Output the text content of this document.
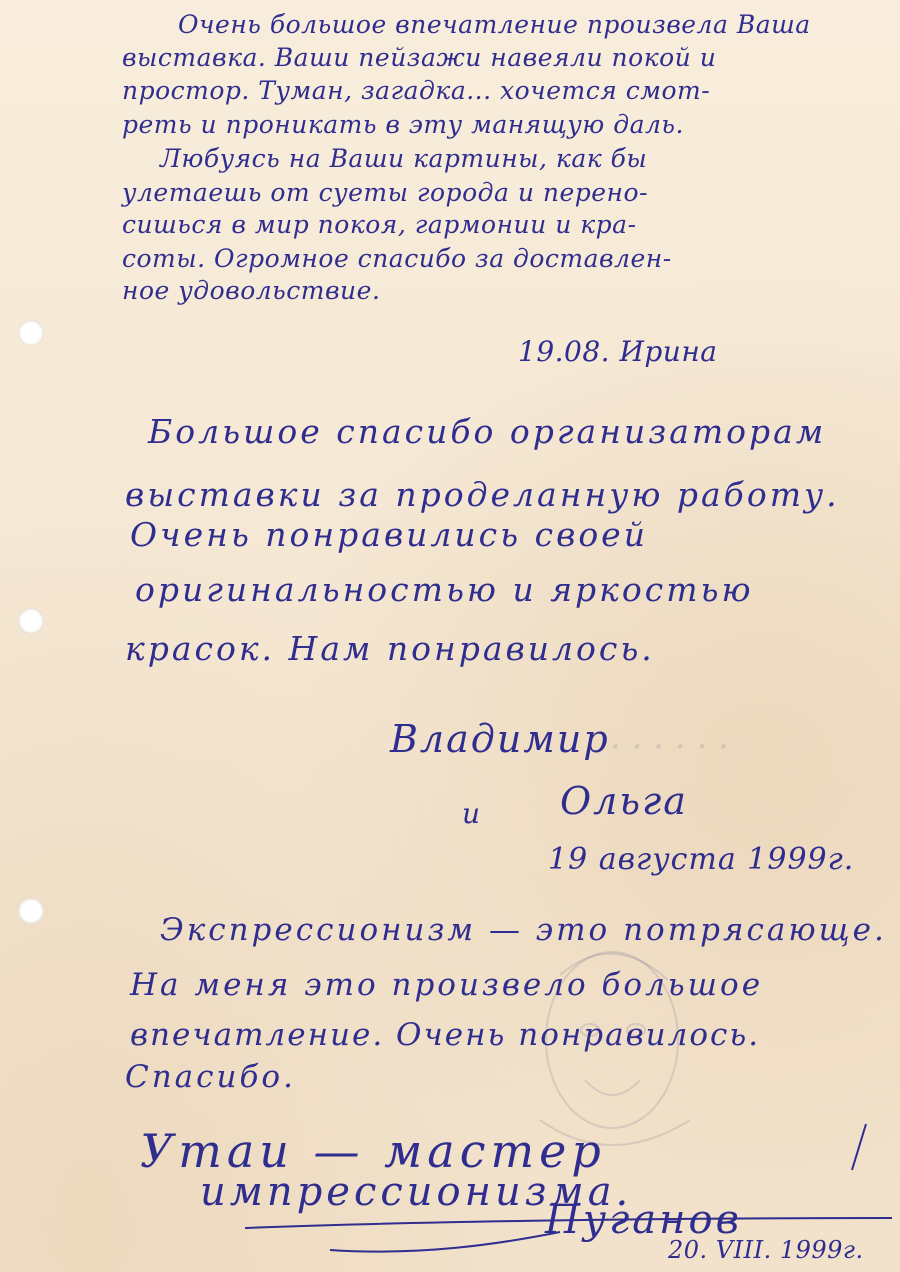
· · · · · ·
Очень большое впечатление произвела Ваша
выставка. Ваши пейзажи навеяли покой и
простор. Туман, загадка... хочется смот-
реть и проникать в эту манящую даль.
Любуясь на Ваши картины, как бы
улетаешь от суеты города и перено-
сишься в мир покоя, гармонии и кра-
соты. Огромное спасибо за доставлен-
ное удовольствие.
19.08. Ирина
Большое спасибо организаторам
выставки за проделанную работу.
Очень понравились своей
оригинальностью и яркостью
красок. Нам понравилось.
Владимир
и Ольга
19 августа 1999г.
Экспрессионизм — это потрясающе.
На меня это произвело большое
впечатление. Очень понравилось.
Спасибо.
Утаи — мастер
импрессионизма.
Пуганов
20. VIII. 1999г.
